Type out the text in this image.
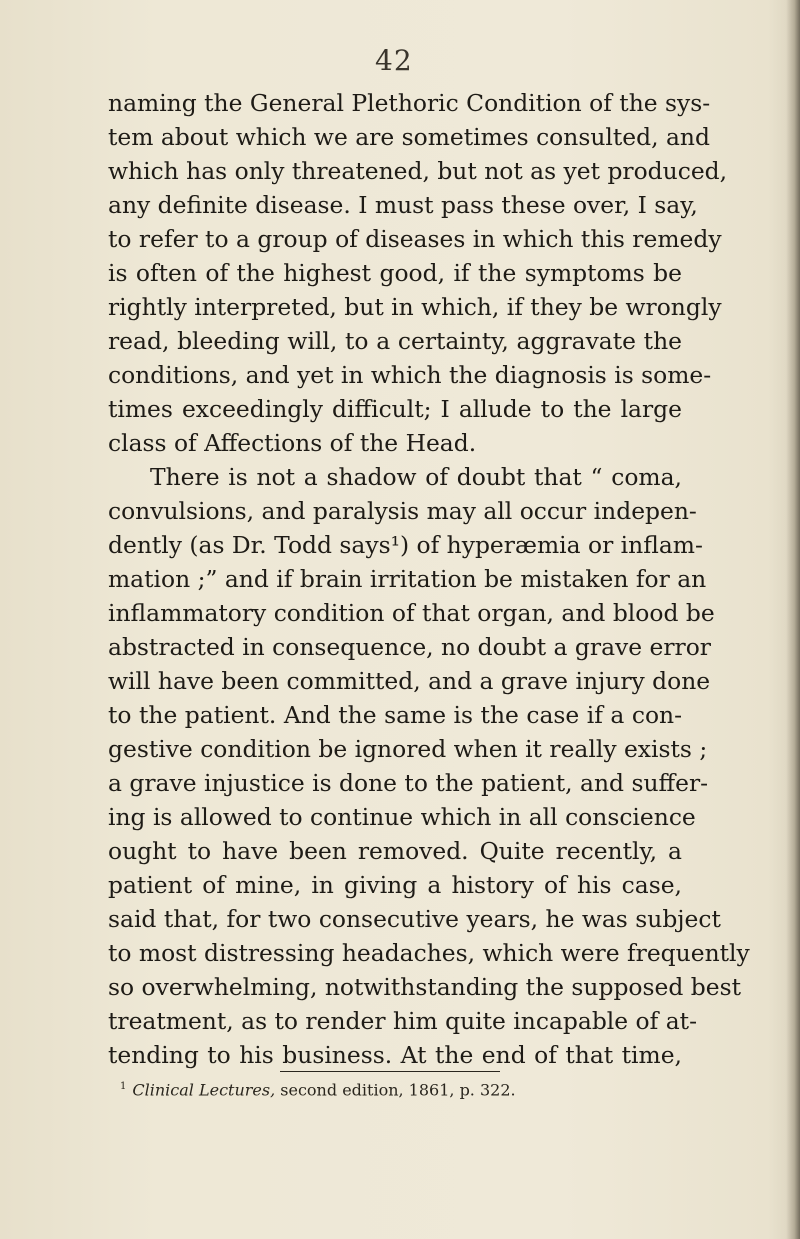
42
naming the General Plethoric Condition of the sys-
tem about which we are sometimes consulted, and
which has only threatened, but not as yet produced,
any definite disease. I must pass these over, I say,
to refer to a group of diseases in which this remedy
is often of the highest good, if the symptoms be
rightly interpreted, but in which, if they be wrongly
read, bleeding will, to a certainty, aggravate the
conditions, and yet in which the diagnosis is some-
times exceedingly difficult; I allude to the large
class of Affections of the Head.
There is not a shadow of doubt that “ coma,
convulsions, and paralysis may all occur indepen-
dently (as Dr. Todd says¹) of hyperæmia or inflam-
mation ;” and if brain irritation be mistaken for an
inflammatory condition of that organ, and blood be
abstracted in consequence, no doubt a grave error
will have been committed, and a grave injury done
to the patient. And the same is the case if a con-
gestive condition be ignored when it really exists ;
a grave injustice is done to the patient, and suffer-
ing is allowed to continue which in all conscience
ought to have been removed. Quite recently, a
patient of mine, in giving a history of his case,
said that, for two consecutive years, he was subject
to most distressing headaches, which were frequently
so overwhelming, notwithstanding the supposed best
treatment, as to render him quite incapable of at-
tending to his business. At the end of that time,
$^1$ Clinical Lectures, second edition, 1861, p. 322.
